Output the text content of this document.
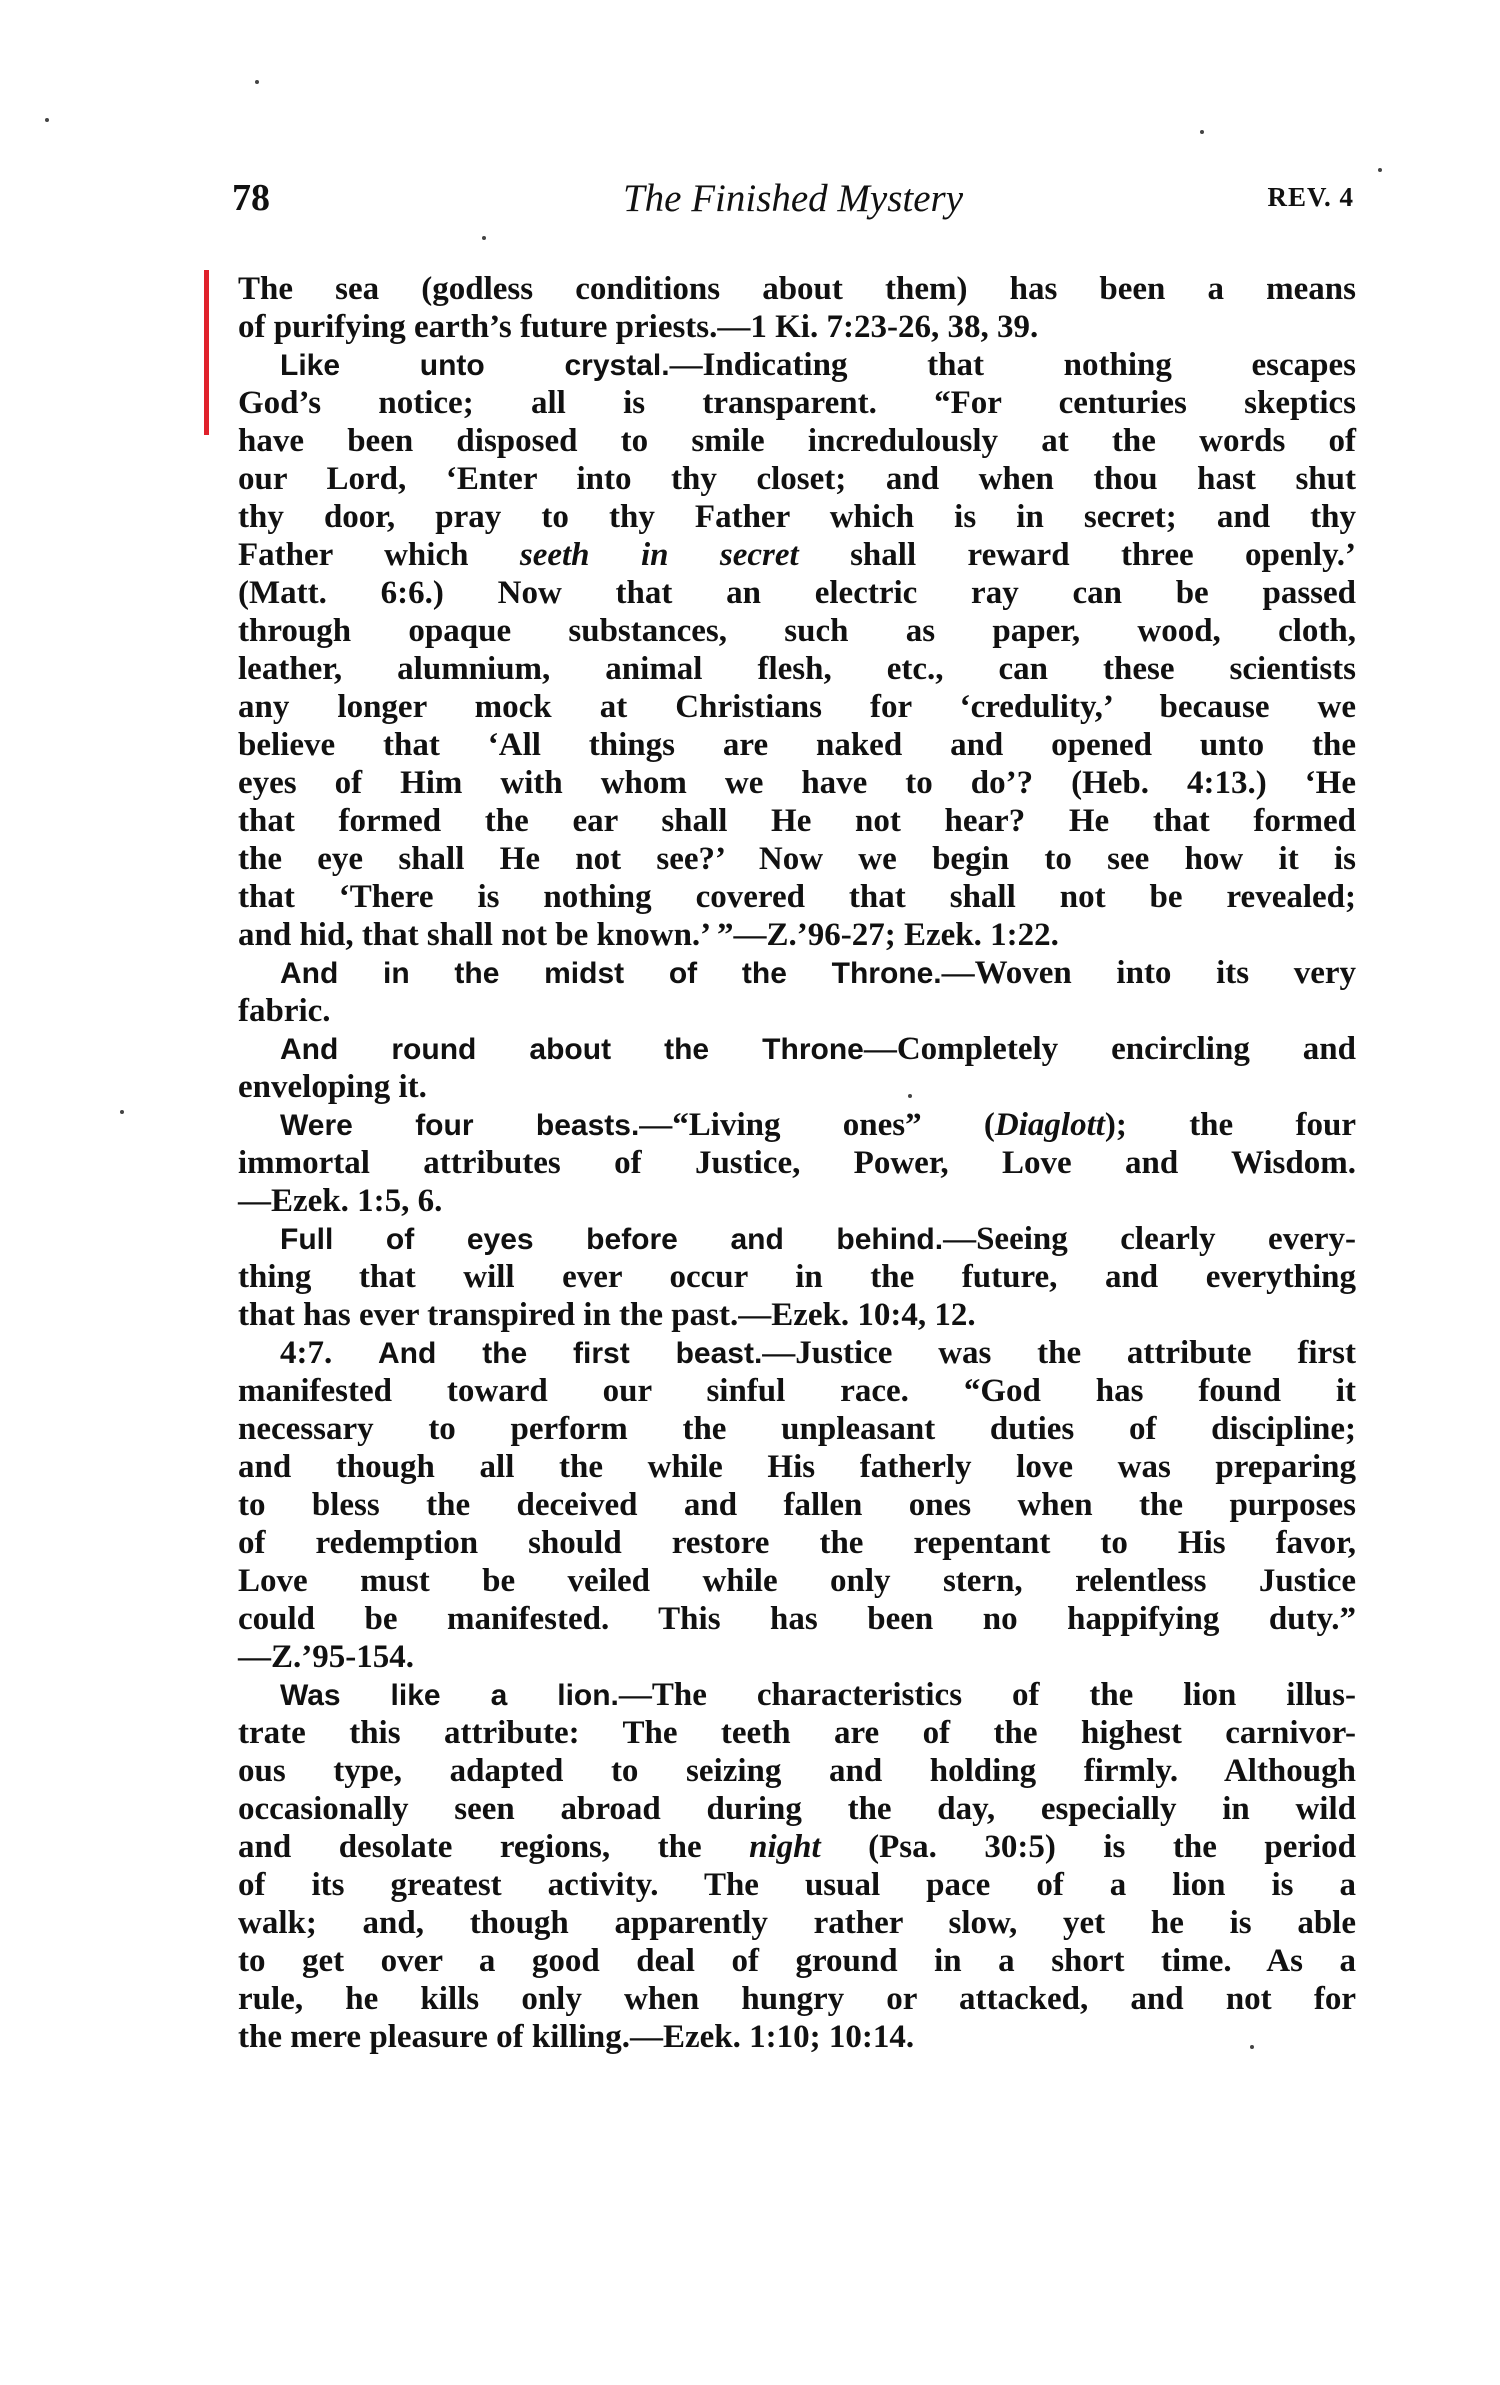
78	The Finished Mystery	REV. 4
The sea (godless conditions about them) has been a means
of purifying earth’s future priests.—1 Ki. 7:23-26, 38, 39.
Like unto crystal.—Indicating that nothing escapes
God’s notice; all is transparent. “For centuries skeptics
have been disposed to smile incredulously at the words of
our Lord, ‘Enter into thy closet; and when thou hast shut
thy door, pray to thy Father which is in secret; and thy
Father which seeth in secret shall reward three openly.’
(Matt. 6:6.) Now that an electric ray can be passed
through opaque substances, such as paper, wood, cloth,
leather, alumnium, animal flesh, etc., can these scientists
any longer mock at Christians for ‘credulity,’ because we
believe that ‘All things are naked and opened unto the
eyes of Him with whom we have to do’? (Heb. 4:13.) ‘He
that formed the ear shall He not hear? He that formed
the eye shall He not see?’ Now we begin to see how it is
that ‘There is nothing covered that shall not be revealed;
and hid, that shall not be known.’ ”—Z.’96-27; Ezek. 1:22.
And in the midst of the Throne.—Woven into its very
fabric.
And round about the Throne—Completely encircling and
enveloping it.
Were four beasts.—“Living ones” (Diaglott); the four
immortal attributes of Justice, Power, Love and Wisdom.
—Ezek. 1:5, 6.
Full of eyes before and behind.—Seeing clearly every-
thing that will ever occur in the future, and everything
that has ever transpired in the past.—Ezek. 10:4, 12.
4:7. And the first beast.—Justice was the attribute first
manifested toward our sinful race. “God has found it
necessary to perform the unpleasant duties of discipline;
and though all the while His fatherly love was preparing
to bless the deceived and fallen ones when the purposes
of redemption should restore the repentant to His favor,
Love must be veiled while only stern, relentless Justice
could be manifested. This has been no happifying duty.”
—Z.’95-154.
Was like a lion.—The characteristics of the lion illus-
trate this attribute: The teeth are of the highest carnivor-
ous type, adapted to seizing and holding firmly. Although
occasionally seen abroad during the day, especially in wild
and desolate regions, the night (Psa. 30:5) is the period
of its greatest activity. The usual pace of a lion is a
walk; and, though apparently rather slow, yet he is able
to get over a good deal of ground in a short time. As a
rule, he kills only when hungry or attacked, and not for
the mere pleasure of killing.—Ezek. 1:10; 10:14.
